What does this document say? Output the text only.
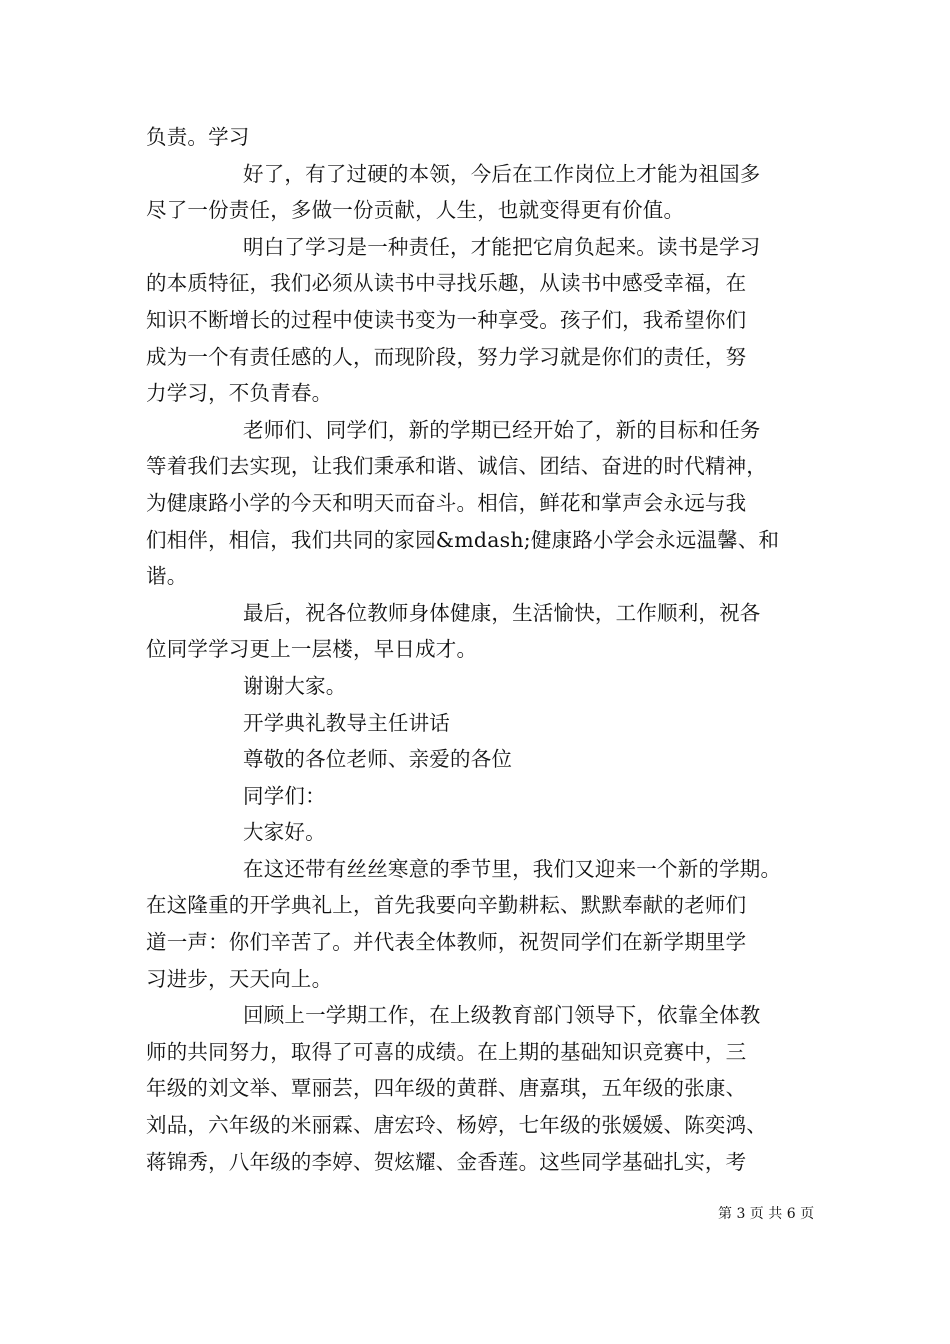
负责。学习
好了，有了过硬的本领，今后在工作岗位上才能为祖国多
尽了一份责任，多做一份贡献，人生，也就变得更有价值。
明白了学习是一种责任，才能把它肩负起来。读书是学习
的本质特征，我们必须从读书中寻找乐趣，从读书中感受幸福，在
知识不断增长的过程中使读书变为一种享受。孩子们，我希望你们
成为一个有责任感的人，而现阶段，努力学习就是你们的责任，努
力学习，不负青春。
老师们、同学们，新的学期已经开始了，新的目标和任务
等着我们去实现，让我们秉承和谐、诚信、团结、奋进的时代精神，
为健康路小学的今天和明天而奋斗。相信，鲜花和掌声会永远与我
们相伴，相信，我们共同的家园&mdash;健康路小学会永远温馨、和
谐。
最后，祝各位教师身体健康，生活愉快，工作顺利，祝各
位同学学习更上一层楼，早日成才。
谢谢大家。
开学典礼教导主任讲话
尊敬的各位老师、亲爱的各位
同学们：
大家好。
在这还带有丝丝寒意的季节里，我们又迎来一个新的学期。
在这隆重的开学典礼上，首先我要向辛勤耕耘、默默奉献的老师们
道一声：你们辛苦了。并代表全体教师，祝贺同学们在新学期里学
习进步，天天向上。
回顾上一学期工作，在上级教育部门领导下，依靠全体教
师的共同努力，取得了可喜的成绩。在上期的基础知识竞赛中，三
年级的刘文举、覃丽芸，四年级的黄群、唐嘉琪，五年级的张康、
刘品，六年级的米丽霖、唐宏玲、杨婷，七年级的张媛媛、陈奕鸿、
蒋锦秀，八年级的李婷、贺炫耀、金香莲。这些同学基础扎实，考
第 3 页 共 6 页
